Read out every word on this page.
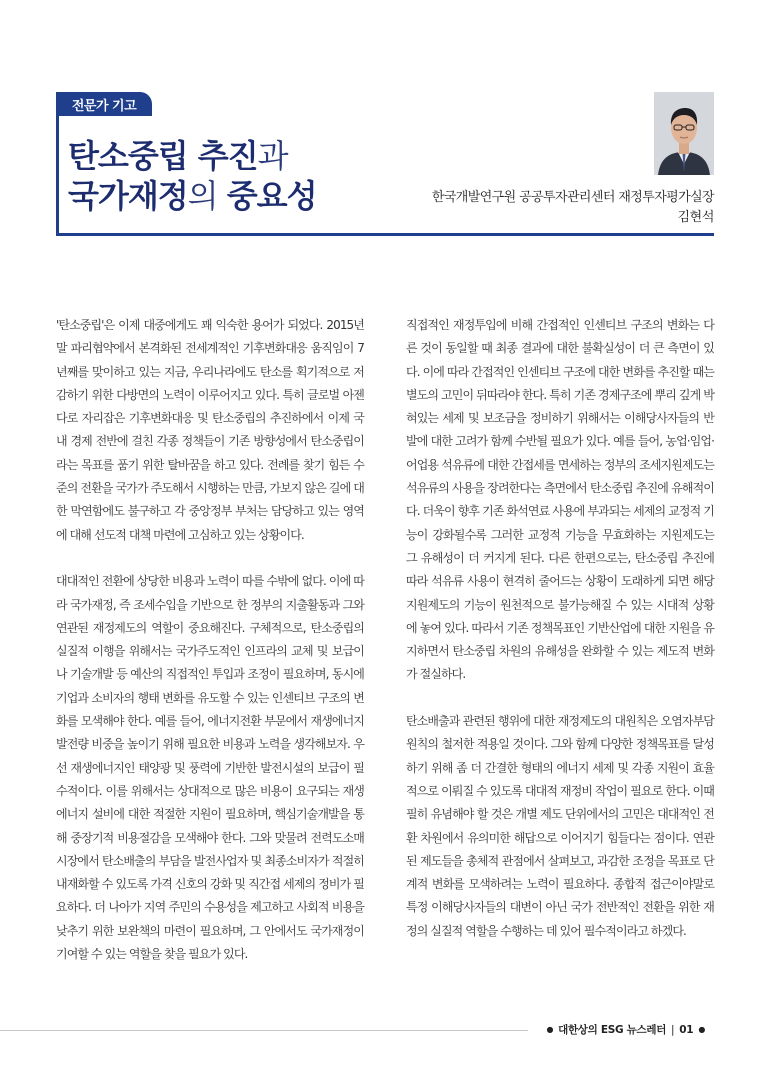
전문가 기고
탄소중립 추진과
국가재정의 중요성	한국개발연구원 공공투자관리센터 재정투자평가실장
김현석

'탄소중립'은 이제 대중에게도 꽤 익숙한 용어가 되었다. 2015년 말 파리협약에서 본격화된 전세계적인 기후변화대응 움직임이 7년째를 맞이하고 있는 지금, 우리나라에도 탄소를 획기적으로 저감하기 위한 다방면의 노력이 이루어지고 있다. 특히 글로벌 아젠다로 자리잡은 기후변화대응 및 탄소중립의 추진하에서 이제 국내 경제 전반에 걸친 각종 정책들이 기존 방향성에서 탄소중립이라는 목표를 품기 위한 탈바꿈을 하고 있다. 전례를 찾기 힘든 수준의 전환을 국가가 주도해서 시행하는 만큼, 가보지 않은 길에 대한 막연함에도 불구하고 각 중앙정부 부처는 담당하고 있는 영역에 대해 선도적 대책 마련에 고심하고 있는 상황이다.

대대적인 전환에 상당한 비용과 노력이 따를 수밖에 없다. 이에 따라 국가재정, 즉 조세수입을 기반으로 한 정부의 지출활동과 그와 연관된 재정제도의 역할이 중요해진다. 구체적으로, 탄소중립의 실질적 이행을 위해서는 국가주도적인 인프라의 교체 및 보급이나 기술개발 등 예산의 직접적인 투입과 조정이 필요하며, 동시에 기업과 소비자의 행태 변화를 유도할 수 있는 인센티브 구조의 변화를 모색해야 한다. 예를 들어, 에너지전환 부문에서 재생에너지 발전량 비중을 높이기 위해 필요한 비용과 노력을 생각해보자. 우선 재생에너지인 태양광 및 풍력에 기반한 발전시설의 보급이 필수적이다. 이를 위해서는 상대적으로 많은 비용이 요구되는 재생에너지 설비에 대한 적절한 지원이 필요하며, 핵심기술개발을 통해 중장기적 비용절감을 모색해야 한다. 그와 맞물려 전력도소매시장에서 탄소배출의 부담을 발전사업자 및 최종소비자가 적절히 내재화할 수 있도록 가격 신호의 강화 및 직간접 세제의 정비가 필요하다. 더 나아가 지역 주민의 수용성을 제고하고 사회적 비용을 낮추기 위한 보완책의 마련이 필요하며, 그 안에서도 국가재정이 기여할 수 있는 역할을 찾을 필요가 있다.

직접적인 재정투입에 비해 간접적인 인센티브 구조의 변화는 다른 것이 동일할 때 최종 결과에 대한 불확실성이 더 큰 측면이 있다. 이에 따라 간접적인 인센티브 구조에 대한 변화를 추진할 때는 별도의 고민이 뒤따라야 한다. 특히 기존 경제구조에 뿌리 깊게 박혀있는 세제 및 보조금을 정비하기 위해서는 이해당사자들의 반발에 대한 고려가 함께 수반될 필요가 있다. 예를 들어, 농업·임업·어업용 석유류에 대한 간접세를 면세하는 정부의 조세지원제도는 석유류의 사용을 장려한다는 측면에서 탄소중립 추진에 유해적이다. 더욱이 향후 기존 화석연료 사용에 부과되는 세제의 교정적 기능이 강화될수록 그러한 교정적 기능을 무효화하는 지원제도는 그 유해성이 더 커지게 된다. 다른 한편으로는, 탄소중립 추진에 따라 석유류 사용이 현격히 줄어드는 상황이 도래하게 되면 해당 지원제도의 기능이 원천적으로 불가능해질 수 있는 시대적 상황에 놓여 있다. 따라서 기존 정책목표인 기반산업에 대한 지원을 유지하면서 탄소중립 차원의 유해성을 완화할 수 있는 제도적 변화가 절실하다.

탄소배출과 관련된 행위에 대한 재정제도의 대원칙은 오염자부담원칙의 철저한 적용일 것이다. 그와 함께 다양한 정책목표를 달성하기 위해 좀 더 간결한 형태의 에너지 세제 및 각종 지원이 효율적으로 이뤄질 수 있도록 대대적 재정비 작업이 필요로 한다. 이때 필히 유념해야 할 것은 개별 제도 단위에서의 고민은 대대적인 전환 차원에서 유의미한 해답으로 이어지기 힘들다는 점이다. 연관된 제도들을 총체적 관점에서 살펴보고, 과감한 조정을 목표로 단계적 변화를 모색하려는 노력이 필요하다. 종합적 접근이야말로 특정 이해당사자들의 대변이 아닌 국가 전반적인 전환을 위한 재정의 실질적 역할을 수행하는 데 있어 필수적이라고 하겠다.

● 대한상의 ESG 뉴스레터 | 01 ●
